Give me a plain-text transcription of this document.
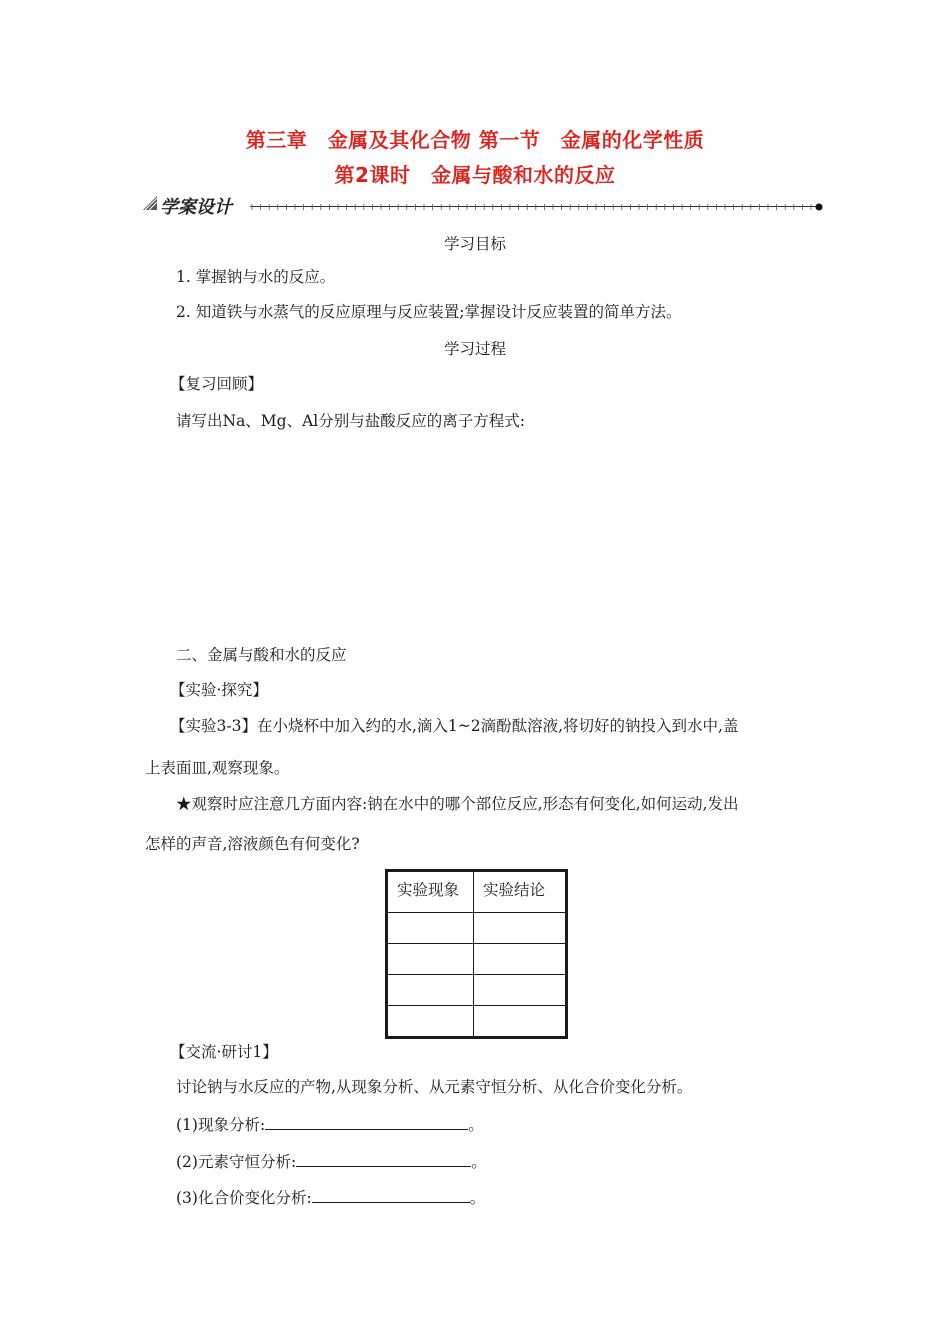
第三章　金属及其化合物 第一节　金属的化学性质
第2课时　金属与酸和水的反应
学案设计
学习目标
1. 掌握钠与水的反应。
2. 知道铁与水蒸气的反应原理与反应装置;掌握设计反应装置的简单方法。
学习过程
【复习回顾】
请写出Na、Mg、Al分别与盐酸反应的离子方程式:
二、金属与酸和水的反应
【实验·探究】
【实验3-3】在小烧杯中加入约的水,滴入1~2滴酚酞溶液,将切好的钠投入到水中,盖
上表面皿,观察现象。
★观察时应注意几方面内容:钠在水中的哪个部位反应,形态有何变化,如何运动,发出
怎样的声音,溶液颜色有何变化?
实验现象	实验结论

【交流·研讨1】
讨论钠与水反应的产物,从现象分析、从元素守恒分析、从化合价变化分析。
(1)现象分析:	。
(2)元素守恒分析:	。
(3)化合价变化分析:	。
